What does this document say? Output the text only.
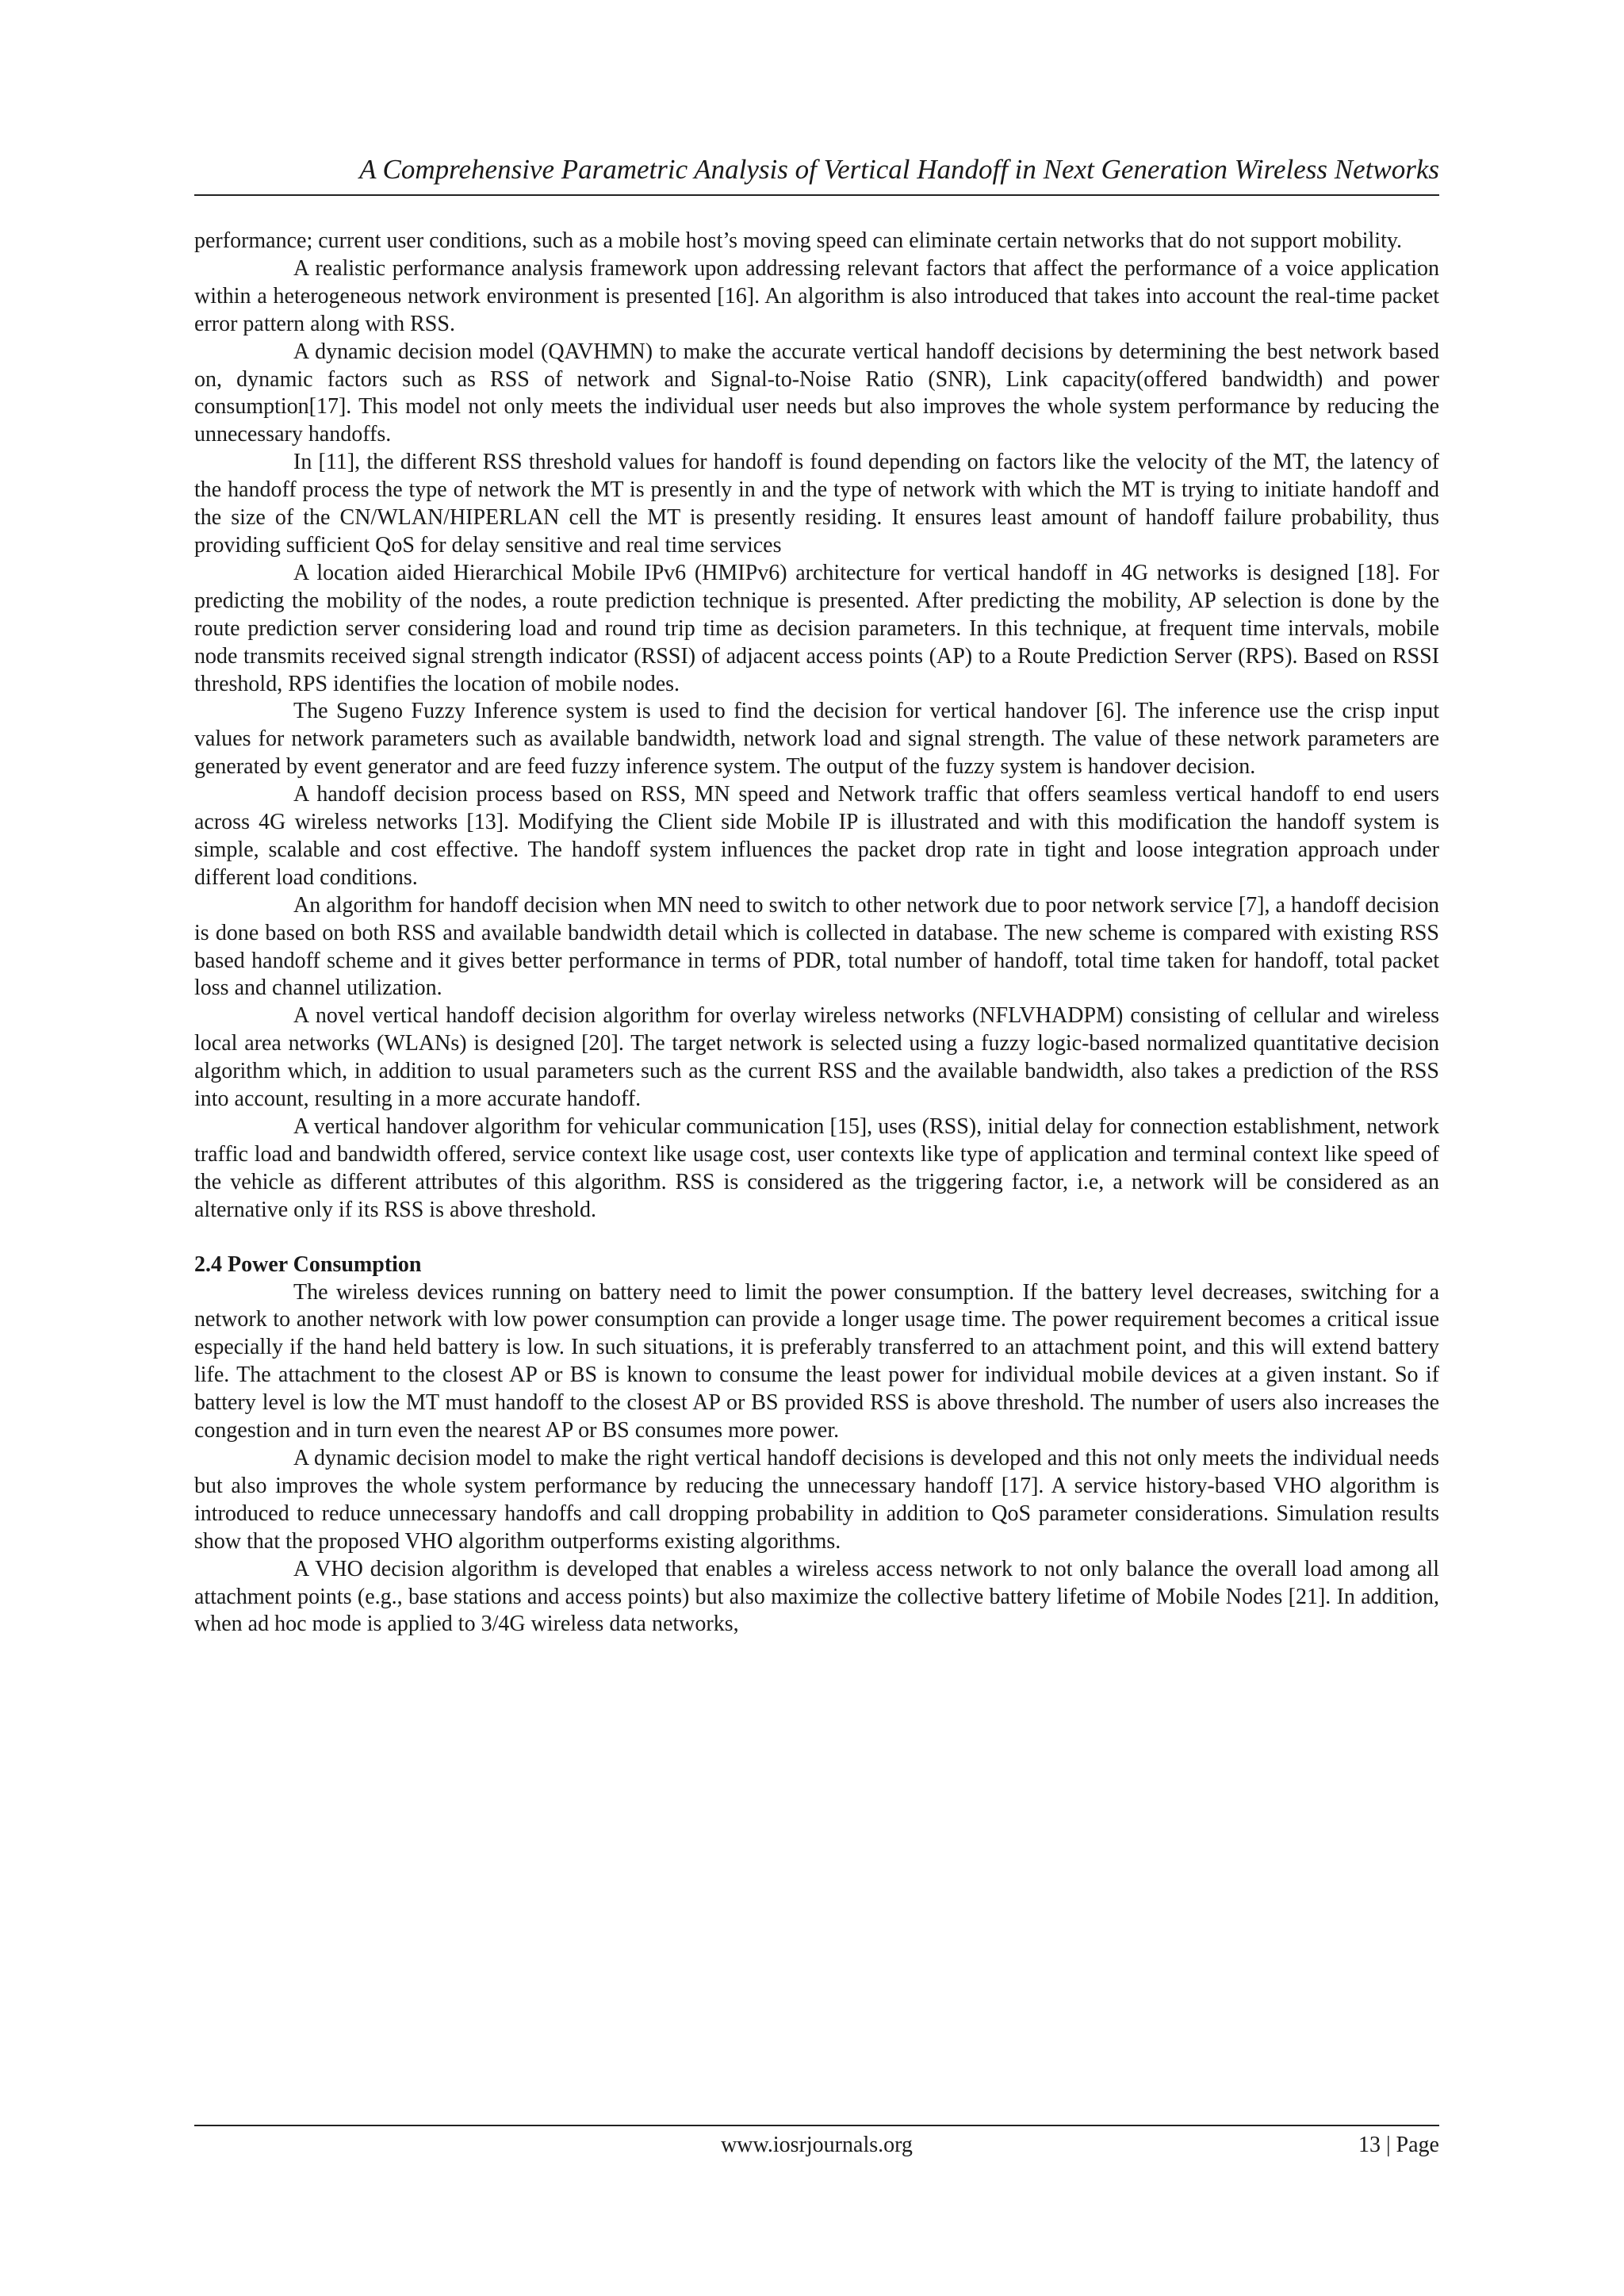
A Comprehensive Parametric Analysis of Vertical Handoff in Next Generation Wireless Networks

performance; current user conditions, such as a mobile host’s moving speed can eliminate certain networks that do not support mobility.

A realistic performance analysis framework upon addressing relevant factors that affect the performance of a voice application within a heterogeneous network environment is presented [16]. An algorithm is also introduced that takes into account the real-time packet error pattern along with RSS.

A dynamic decision model (QAVHMN) to make the accurate vertical handoff decisions by determining the best network based on, dynamic factors such as RSS of network and Signal-to-Noise Ratio (SNR), Link capacity(offered bandwidth) and power consumption[17]. This model not only meets the individual user needs but also improves the whole system performance by reducing the unnecessary handoffs.

In [11], the different RSS threshold values for handoff is found depending on factors like the velocity of the MT, the latency of the handoff process the type of network the MT is presently in and the type of network with which the MT is trying to initiate handoff and the size of the CN/WLAN/HIPERLAN cell the MT is presently residing. It ensures least amount of handoff failure probability, thus providing sufficient QoS for delay sensitive and real time services

A location aided Hierarchical Mobile IPv6 (HMIPv6) architecture for vertical handoff in 4G networks is designed [18]. For predicting the mobility of the nodes, a route prediction technique is presented. After predicting the mobility, AP selection is done by the route prediction server considering load and round trip time as decision parameters. In this technique, at frequent time intervals, mobile node transmits received signal strength indicator (RSSI) of adjacent access points (AP) to a Route Prediction Server (RPS). Based on RSSI threshold, RPS identifies the location of mobile nodes.

The Sugeno Fuzzy Inference system is used to find the decision for vertical handover [6]. The inference use the crisp input values for network parameters such as available bandwidth, network load and signal strength. The value of these network parameters are generated by event generator and are feed fuzzy inference system. The output of the fuzzy system is handover decision.

A handoff decision process based on RSS, MN speed and Network traffic that offers seamless vertical handoff to end users across 4G wireless networks [13]. Modifying the Client side Mobile IP is illustrated and with this modification the handoff system is simple, scalable and cost effective. The handoff system influences the packet drop rate in tight and loose integration approach under different load conditions.

An algorithm for handoff decision when MN need to switch to other network due to poor network service [7], a handoff decision is done based on both RSS and available bandwidth detail which is collected in database. The new scheme is compared with existing RSS based handoff scheme and it gives better performance in terms of PDR, total number of handoff, total time taken for handoff, total packet loss and channel utilization.

A novel vertical handoff decision algorithm for overlay wireless networks (NFLVHADPM) consisting of cellular and wireless local area networks (WLANs) is designed [20]. The target network is selected using a fuzzy logic-based normalized quantitative decision algorithm which, in addition to usual parameters such as the current RSS and the available bandwidth, also takes a prediction of the RSS into account, resulting in a more accurate handoff.

A vertical handover algorithm for vehicular communication [15], uses (RSS), initial delay for connection establishment, network traffic load and bandwidth offered, service context like usage cost, user contexts like type of application and terminal context like speed of the vehicle as different attributes of this algorithm. RSS is considered as the triggering factor, i.e, a network will be considered as an alternative only if its RSS is above threshold.

2.4 Power Consumption

The wireless devices running on battery need to limit the power consumption. If the battery level decreases, switching for a network to another network with low power consumption can provide a longer usage time. The power requirement becomes a critical issue especially if the hand held battery is low. In such situations, it is preferably transferred to an attachment point, and this will extend battery life. The attachment to the closest AP or BS is known to consume the least power for individual mobile devices at a given instant. So if battery level is low the MT must handoff to the closest AP or BS provided RSS is above threshold. The number of users also increases the congestion and in turn even the nearest AP or BS consumes more power.

A dynamic decision model to make the right vertical handoff decisions is developed and this not only meets the individual needs but also improves the whole system performance by reducing the unnecessary handoff [17]. A service history-based VHO algorithm is introduced to reduce unnecessary handoffs and call dropping probability in addition to QoS parameter considerations. Simulation results show that the proposed VHO algorithm outperforms existing algorithms.

A VHO decision algorithm is developed that enables a wireless access network to not only balance the overall load among all attachment points (e.g., base stations and access points) but also maximize the collective battery lifetime of Mobile Nodes [21]. In addition, when ad hoc mode is applied to 3/4G wireless data networks,

www.iosrjournals.org	13 | Page
